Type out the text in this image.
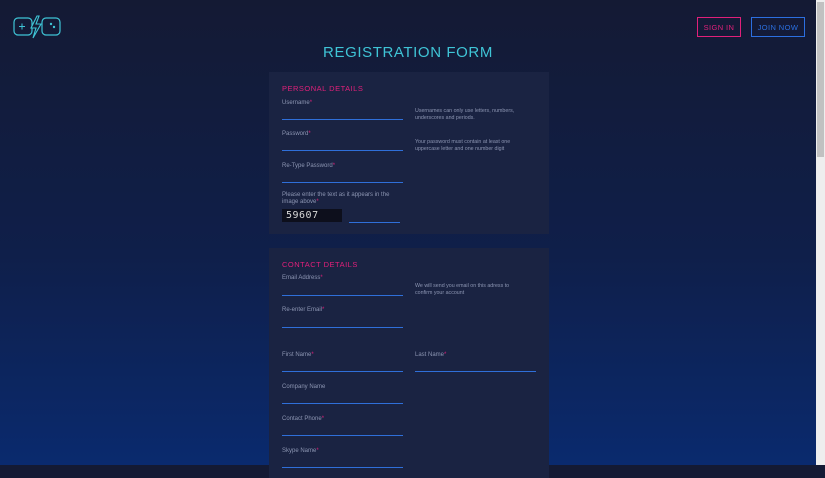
SIGN IN	JOIN NOW
REGISTRATION FORM
PERSONAL DETAILS
Username*
Usernames can only use letters, numbers, underscores and periods.
Password*
Your password must contain at least one uppercase letter and one number digit
Re-Type Password*
Please enter the text as it appears in the image above*
59607
CONTACT DETAILS
Email Address*
We will send you email on this adress to confirm your account
Re-enter Email*
First Name*	Last Name*
Company Name
Contact Phone*
Skype Name*
